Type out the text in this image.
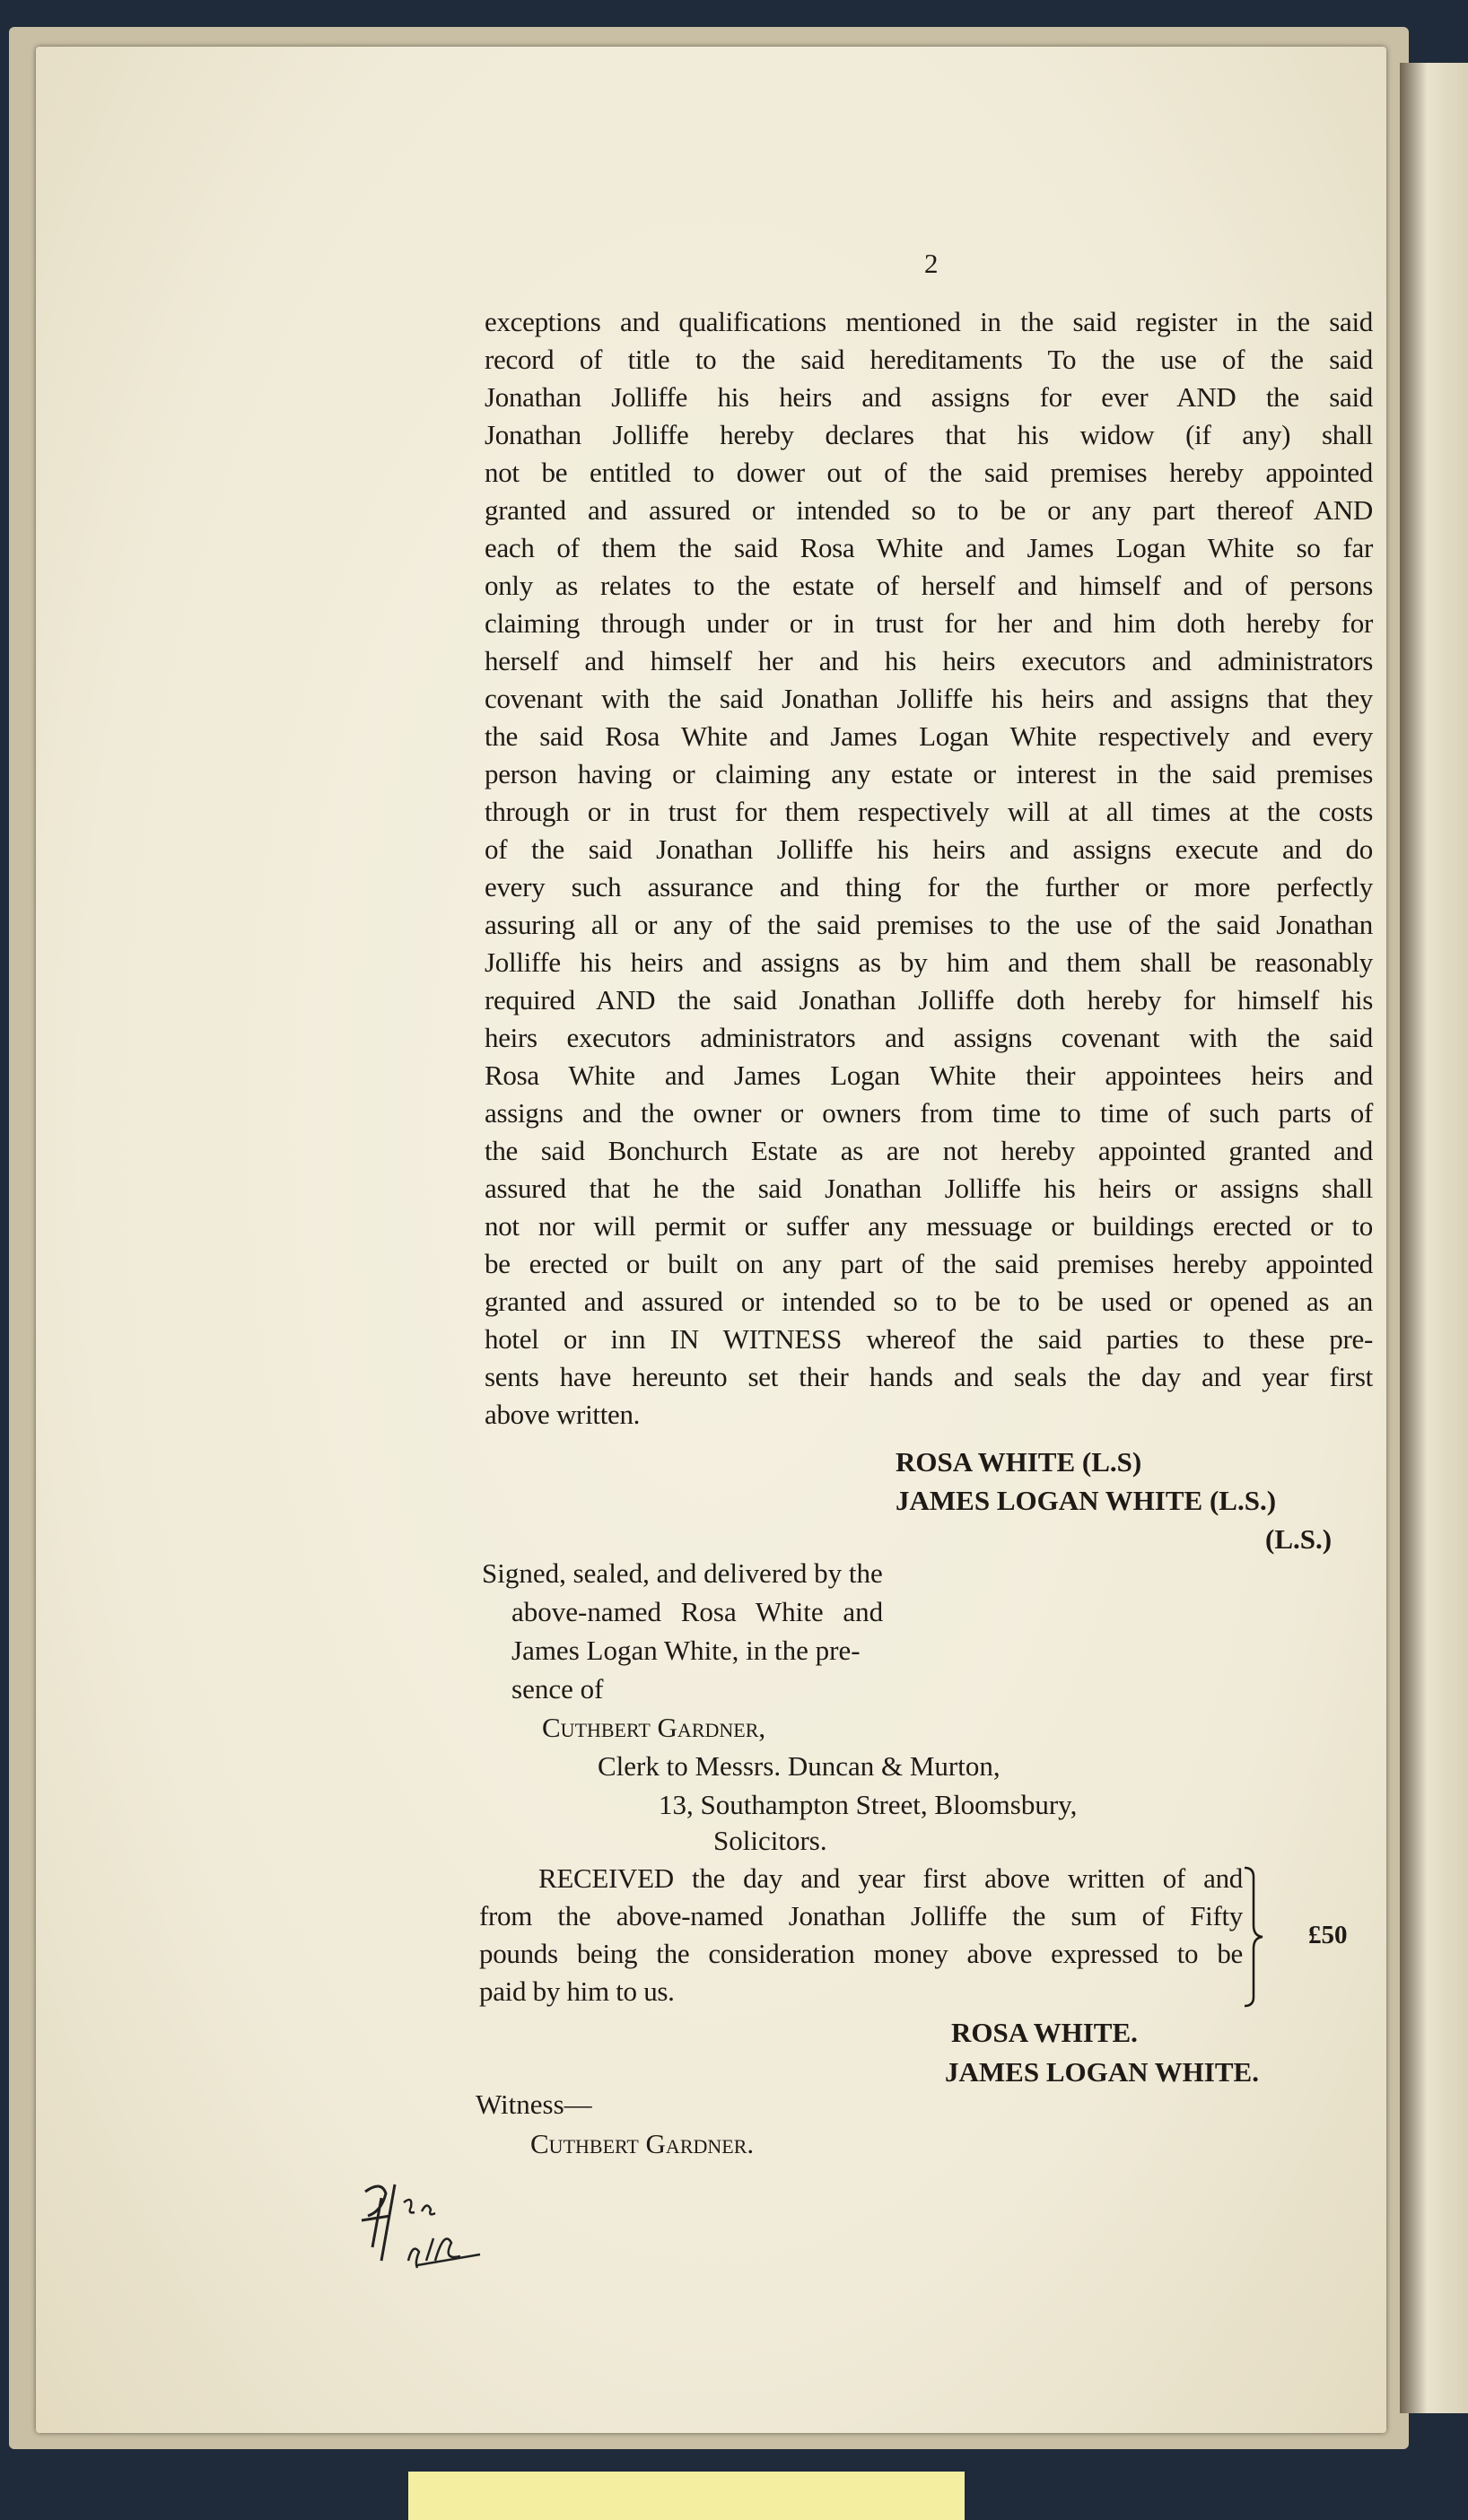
2
exceptions and qualifications mentioned in the said register in the said
record of title to the said hereditaments To the use of the said
Jonathan Jolliffe his heirs and assigns for ever AND the said
Jonathan Jolliffe hereby declares that his widow (if any) shall
not be entitled to dower out of the said premises hereby appointed
granted and assured or intended so to be or any part thereof AND
each of them the said Rosa White and James Logan White so far
only as relates to the estate of herself and himself and of persons
claiming through under or in trust for her and him doth hereby for
herself and himself her and his heirs executors and administrators
covenant with the said Jonathan Jolliffe his heirs and assigns that they
the said Rosa White and James Logan White respectively and every
person having or claiming any estate or interest in the said premises
through or in trust for them respectively will at all times at the costs
of the said Jonathan Jolliffe his heirs and assigns execute and do
every such assurance and thing for the further or more perfectly
assuring all or any of the said premises to the use of the said Jonathan
Jolliffe his heirs and assigns as by him and them shall be reasonably
required AND the said Jonathan Jolliffe doth hereby for himself his
heirs executors administrators and assigns covenant with the said
Rosa White and James Logan White their appointees heirs and
assigns and the owner or owners from time to time of such parts of
the said Bonchurch Estate as are not hereby appointed granted and
assured that he the said Jonathan Jolliffe his heirs or assigns shall
not nor will permit or suffer any messuage or buildings erected or to
be erected or built on any part of the said premises hereby appointed
granted and assured or intended so to be to be used or opened as an
hotel or inn IN WITNESS whereof the said parties to these pre-
sents have hereunto set their hands and seals the day and year first
above written.
ROSA WHITE (L.S)
JAMES LOGAN WHITE (L.S.)
(L.S.)
Signed, sealed, and delivered by the
above-named Rosa White and
James Logan White, in the pre-
sence of
Cuthbert Gardner,
Clerk to Messrs. Duncan & Murton,
13, Southampton Street, Bloomsbury,
Solicitors.
RECEIVED the day and year first above written of and
from the above-named Jonathan Jolliffe the sum of Fifty
pounds being the consideration money above expressed to be
paid by him to us.
£50
ROSA WHITE.
JAMES LOGAN WHITE.
Witness—
Cuthbert Gardner.
